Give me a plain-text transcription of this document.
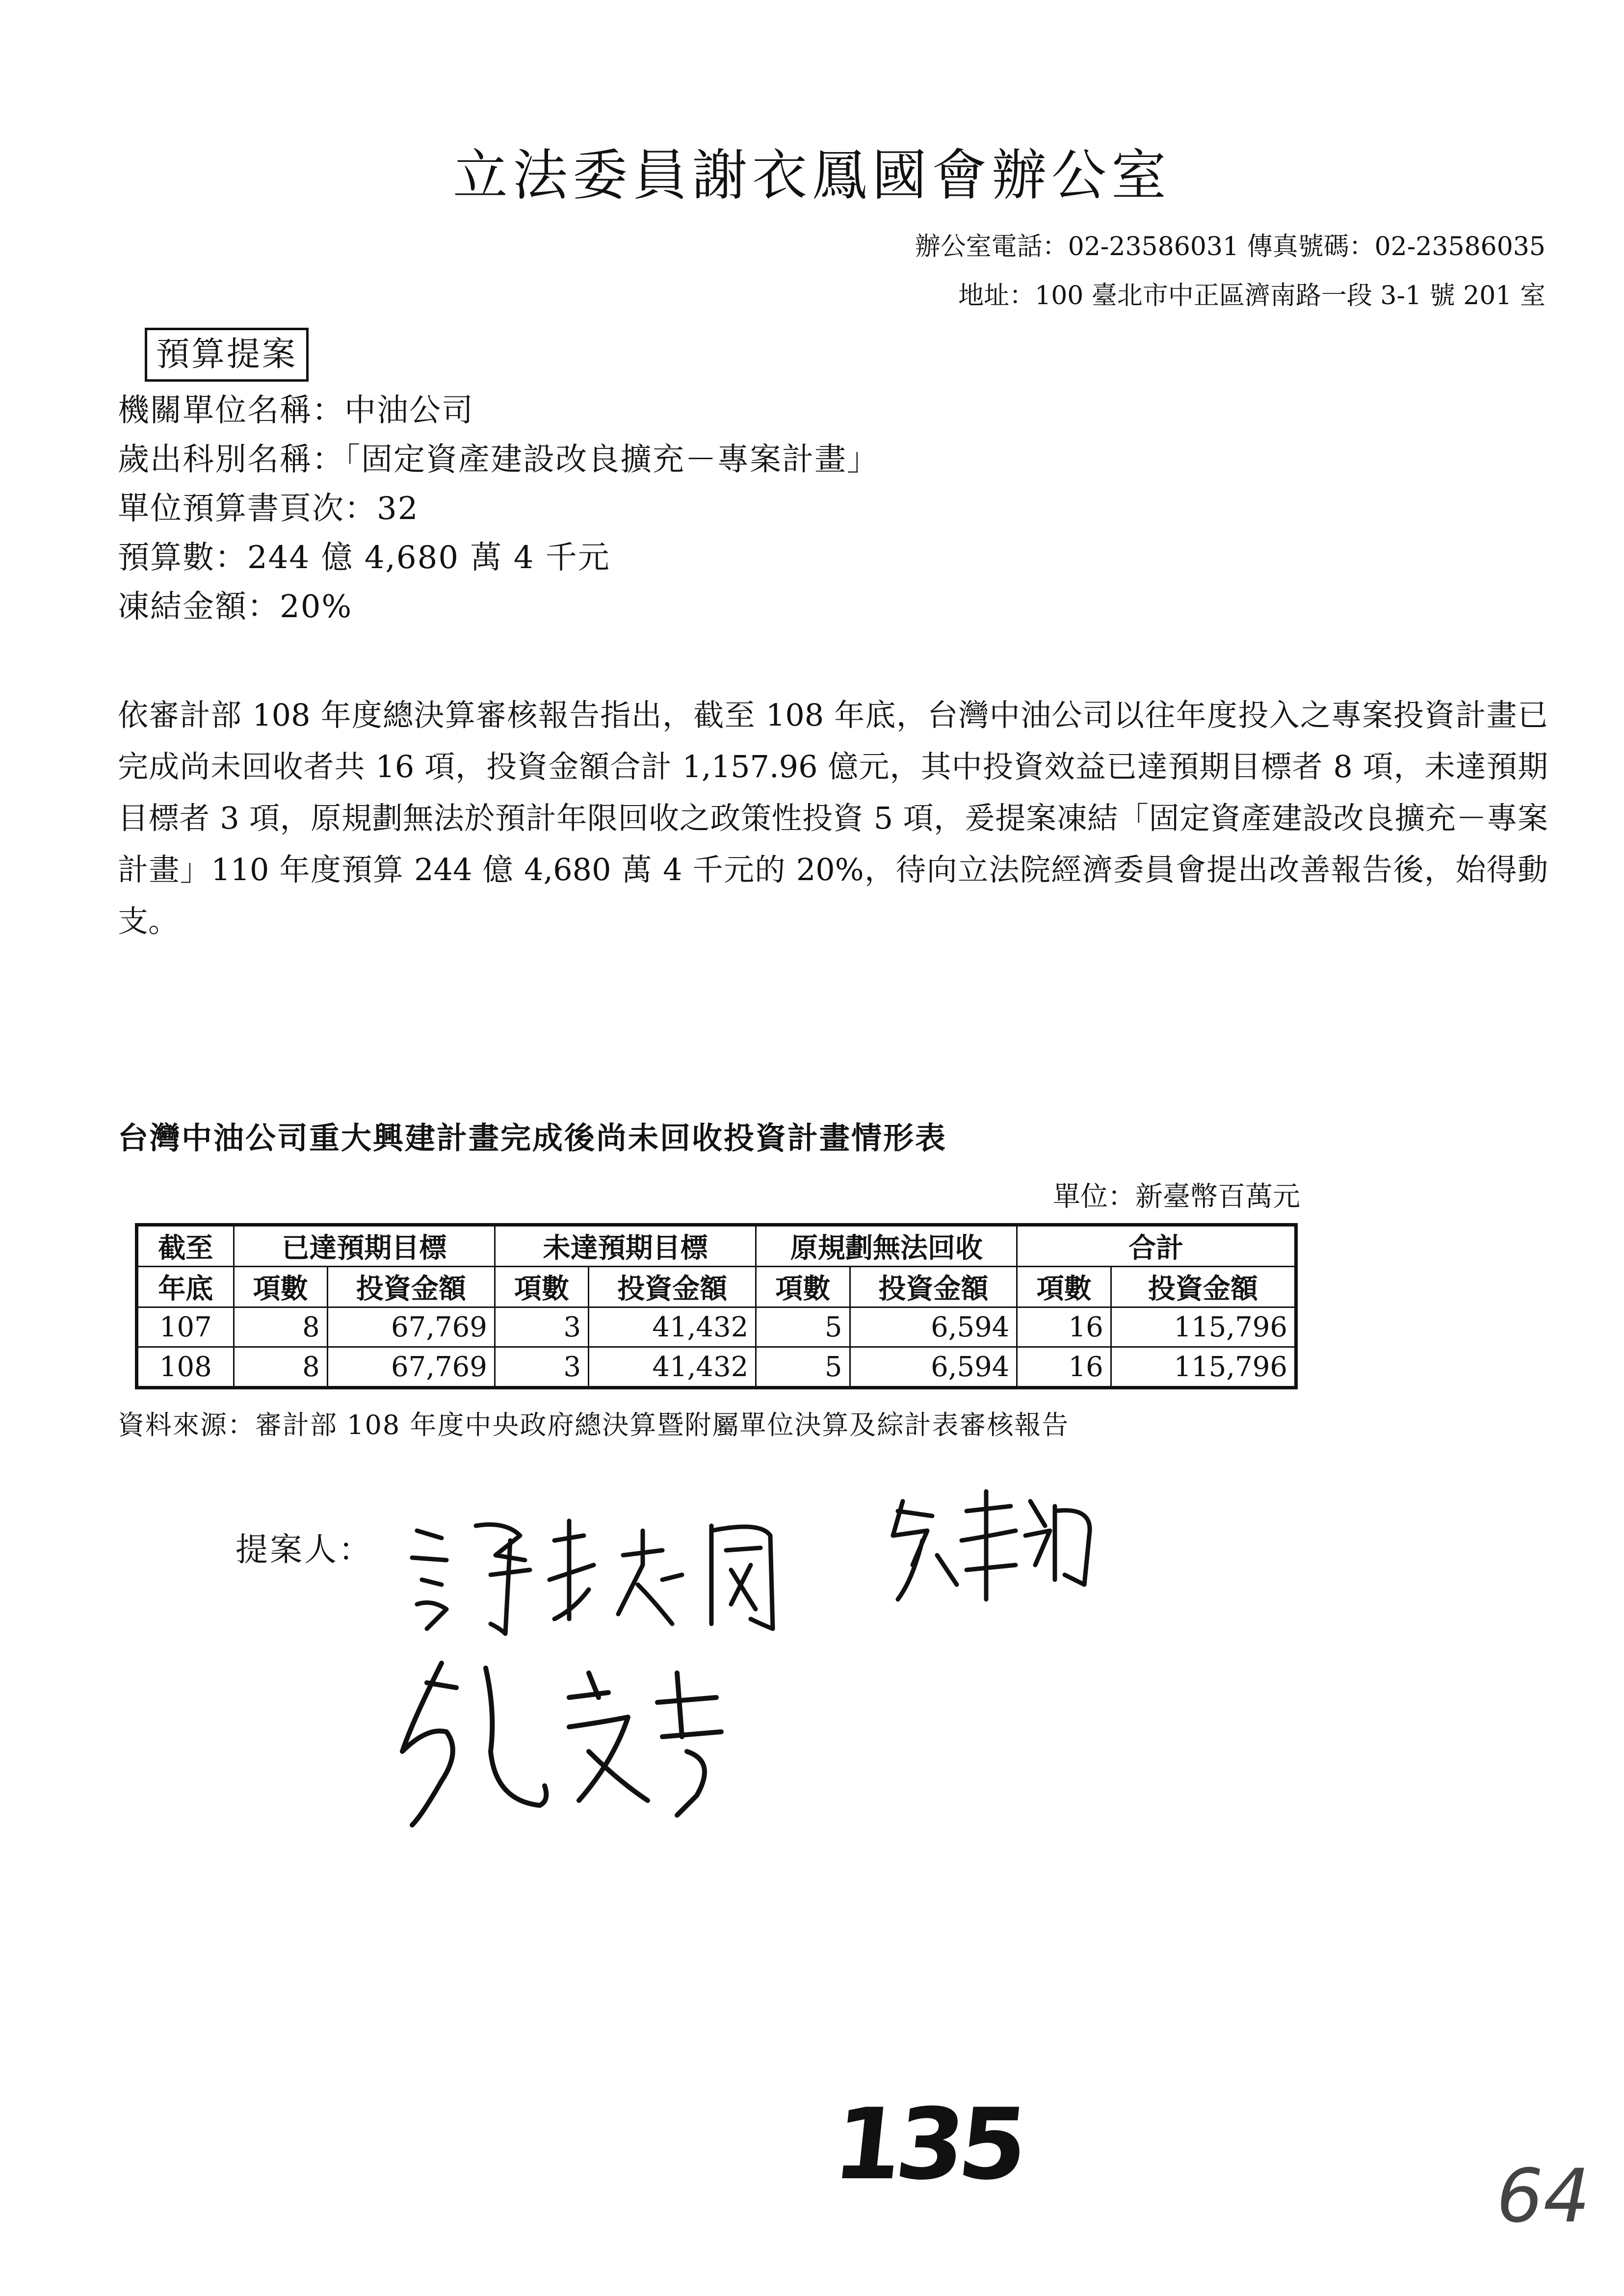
立法委員謝衣鳳國會辦公室
辦公室電話：02-23586031 傳真號碼：02-23586035
地址：100 臺北市中正區濟南路一段 3-1 號 201 室
預算提案
機關單位名稱：中油公司
歲出科別名稱：「固定資產建設改良擴充－專案計畫」
單位預算書頁次：32
預算數：244 億 4,680 萬 4 千元
凍結金額：20%
依審計部 108 年度總決算審核報告指出，截至 108 年底，台灣中油公司以往年度投入之專案投資計畫已完成尚未回收者共 16 項，投資金額合計 1,157.96 億元，其中投資效益已達預期目標者 8 項，未達預期目標者 3 項，原規劃無法於預計年限回收之政策性投資 5 項，爰提案凍結「固定資產建設改良擴充－專案計畫」110 年度預算 244 億 4,680 萬 4 千元的 20%，待向立法院經濟委員會提出改善報告後，始得動支。
台灣中油公司重大興建計畫完成後尚未回收投資計畫情形表
單位：新臺幣百萬元
截至	已達預期目標		未達預期目標		原規劃無法回收		合計	
年底	項數	投資金額	項數	投資金額	項數	投資金額	項數	投資金額
107	8	67,769	3	41,432	5	6,594	16	115,796
108	8	67,769	3	41,432	5	6,594	16	115,796
資料來源：審計部 108 年度中央政府總決算暨附屬單位決算及綜計表審核報告
提案人：
135	64
